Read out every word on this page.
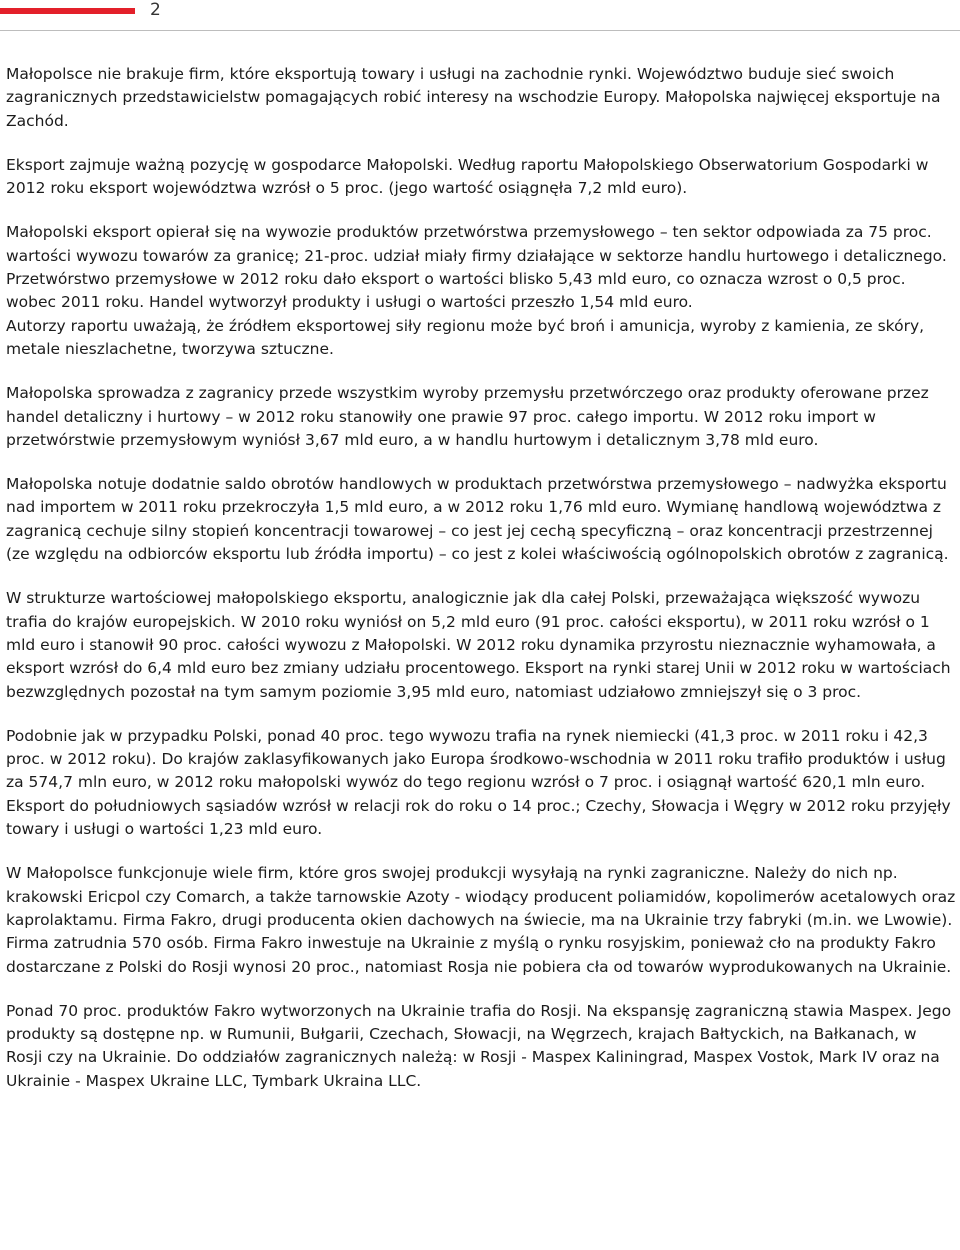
2

Małopolsce nie brakuje firm, które eksportują towary i usługi na zachodnie rynki. Województwo buduje sieć swoich zagranicznych przedstawicielstw pomagających robić interesy na wschodzie Europy. Małopolska najwięcej eksportuje na Zachód.

Eksport zajmuje ważną pozycję w gospodarce Małopolski. Według raportu Małopolskiego Obserwatorium Gospodarki w 2012 roku eksport województwa wzrósł o 5 proc. (jego wartość osiągnęła 7,2 mld euro).

Małopolski eksport opierał się na wywozie produktów przetwórstwa przemysłowego – ten sektor odpowiada za 75 proc. wartości wywozu towarów za granicę; 21-proc. udział miały firmy działające w sektorze handlu hurtowego i detalicznego. Przetwórstwo przemysłowe w 2012 roku dało eksport o wartości blisko 5,43 mld euro, co oznacza wzrost o 0,5 proc. wobec 2011 roku. Handel wytworzył produkty i usługi o wartości przeszło 1,54 mld euro.

Autorzy raportu uważają, że źródłem eksportowej siły regionu może być broń i amunicja, wyroby z kamienia, ze skóry, metale nieszlachetne, tworzywa sztuczne.

Małopolska sprowadza z zagranicy przede wszystkim wyroby przemysłu przetwórczego oraz produkty oferowane przez handel detaliczny i hurtowy – w 2012 roku stanowiły one prawie 97 proc. całego importu. W 2012 roku import w przetwórstwie przemysłowym wyniósł 3,67 mld euro, a w handlu hurtowym i detalicznym 3,78 mld euro.

Małopolska notuje dodatnie saldo obrotów handlowych w produktach przetwórstwa przemysłowego – nadwyżka eksportu nad importem w 2011 roku przekroczyła 1,5 mld euro, a w 2012 roku 1,76 mld euro. Wymianę handlową województwa z zagranicą cechuje silny stopień koncentracji towarowej – co jest jej cechą specyficzną – oraz koncentracji przestrzennej (ze względu na odbiorców eksportu lub źródła importu) – co jest z kolei właściwością ogólnopolskich obrotów z zagranicą.

W strukturze wartościowej małopolskiego eksportu, analogicznie jak dla całej Polski, przeważająca większość wywozu trafia do krajów europejskich. W 2010 roku wyniósł on 5,2 mld euro (91 proc. całości eksportu), w 2011 roku wzrósł o 1 mld euro i stanowił 90 proc. całości wywozu z Małopolski. W 2012 roku dynamika przyrostu nieznacznie wyhamowała, a eksport wzrósł do 6,4 mld euro bez zmiany udziału procentowego. Eksport na rynki starej Unii w 2012 roku w wartościach bezwzględnych pozostał na tym samym poziomie 3,95 mld euro, natomiast udziałowo zmniejszył się o 3 proc.

Podobnie jak w przypadku Polski, ponad 40 proc. tego wywozu trafia na rynek niemiecki (41,3 proc. w 2011 roku i 42,3 proc. w 2012 roku). Do krajów zaklasyfikowanych jako Europa środkowo-wschodnia w 2011 roku trafiło produktów i usług za 574,7 mln euro, w 2012 roku małopolski wywóz do tego regionu wzrósł o 7 proc. i osiągnął wartość 620,1 mln euro. Eksport do południowych sąsiadów wzrósł w relacji rok do roku o 14 proc.; Czechy, Słowacja i Węgry w 2012 roku przyjęły towary i usługi o wartości 1,23 mld euro.

W Małopolsce funkcjonuje wiele firm, które gros swojej produkcji wysyłają na rynki zagraniczne. Należy do nich np. krakowski Ericpol czy Comarch, a także tarnowskie Azoty - wiodący producent poliamidów, kopolimerów acetalowych oraz kaprolaktamu. Firma Fakro, drugi producenta okien dachowych na świecie, ma na Ukrainie trzy fabryki (m.in. we Lwowie). Firma zatrudnia 570 osób. Firma Fakro inwestuje na Ukrainie z myślą o rynku rosyjskim, ponieważ cło na produkty Fakro dostarczane z Polski do Rosji wynosi 20 proc., natomiast Rosja nie pobiera cła od towarów wyprodukowanych na Ukrainie.

Ponad 70 proc. produktów Fakro wytworzonych na Ukrainie trafia do Rosji. Na ekspansję zagraniczną stawia Maspex. Jego produkty są dostępne np. w Rumunii, Bułgarii, Czechach, Słowacji, na Węgrzech, krajach Bałtyckich, na Bałkanach, w Rosji czy na Ukrainie. Do oddziałów zagranicznych należą: w Rosji - Maspex Kaliningrad, Maspex Vostok, Mark IV oraz na Ukrainie - Maspex Ukraine LLC, Tymbark Ukraina LLC.
